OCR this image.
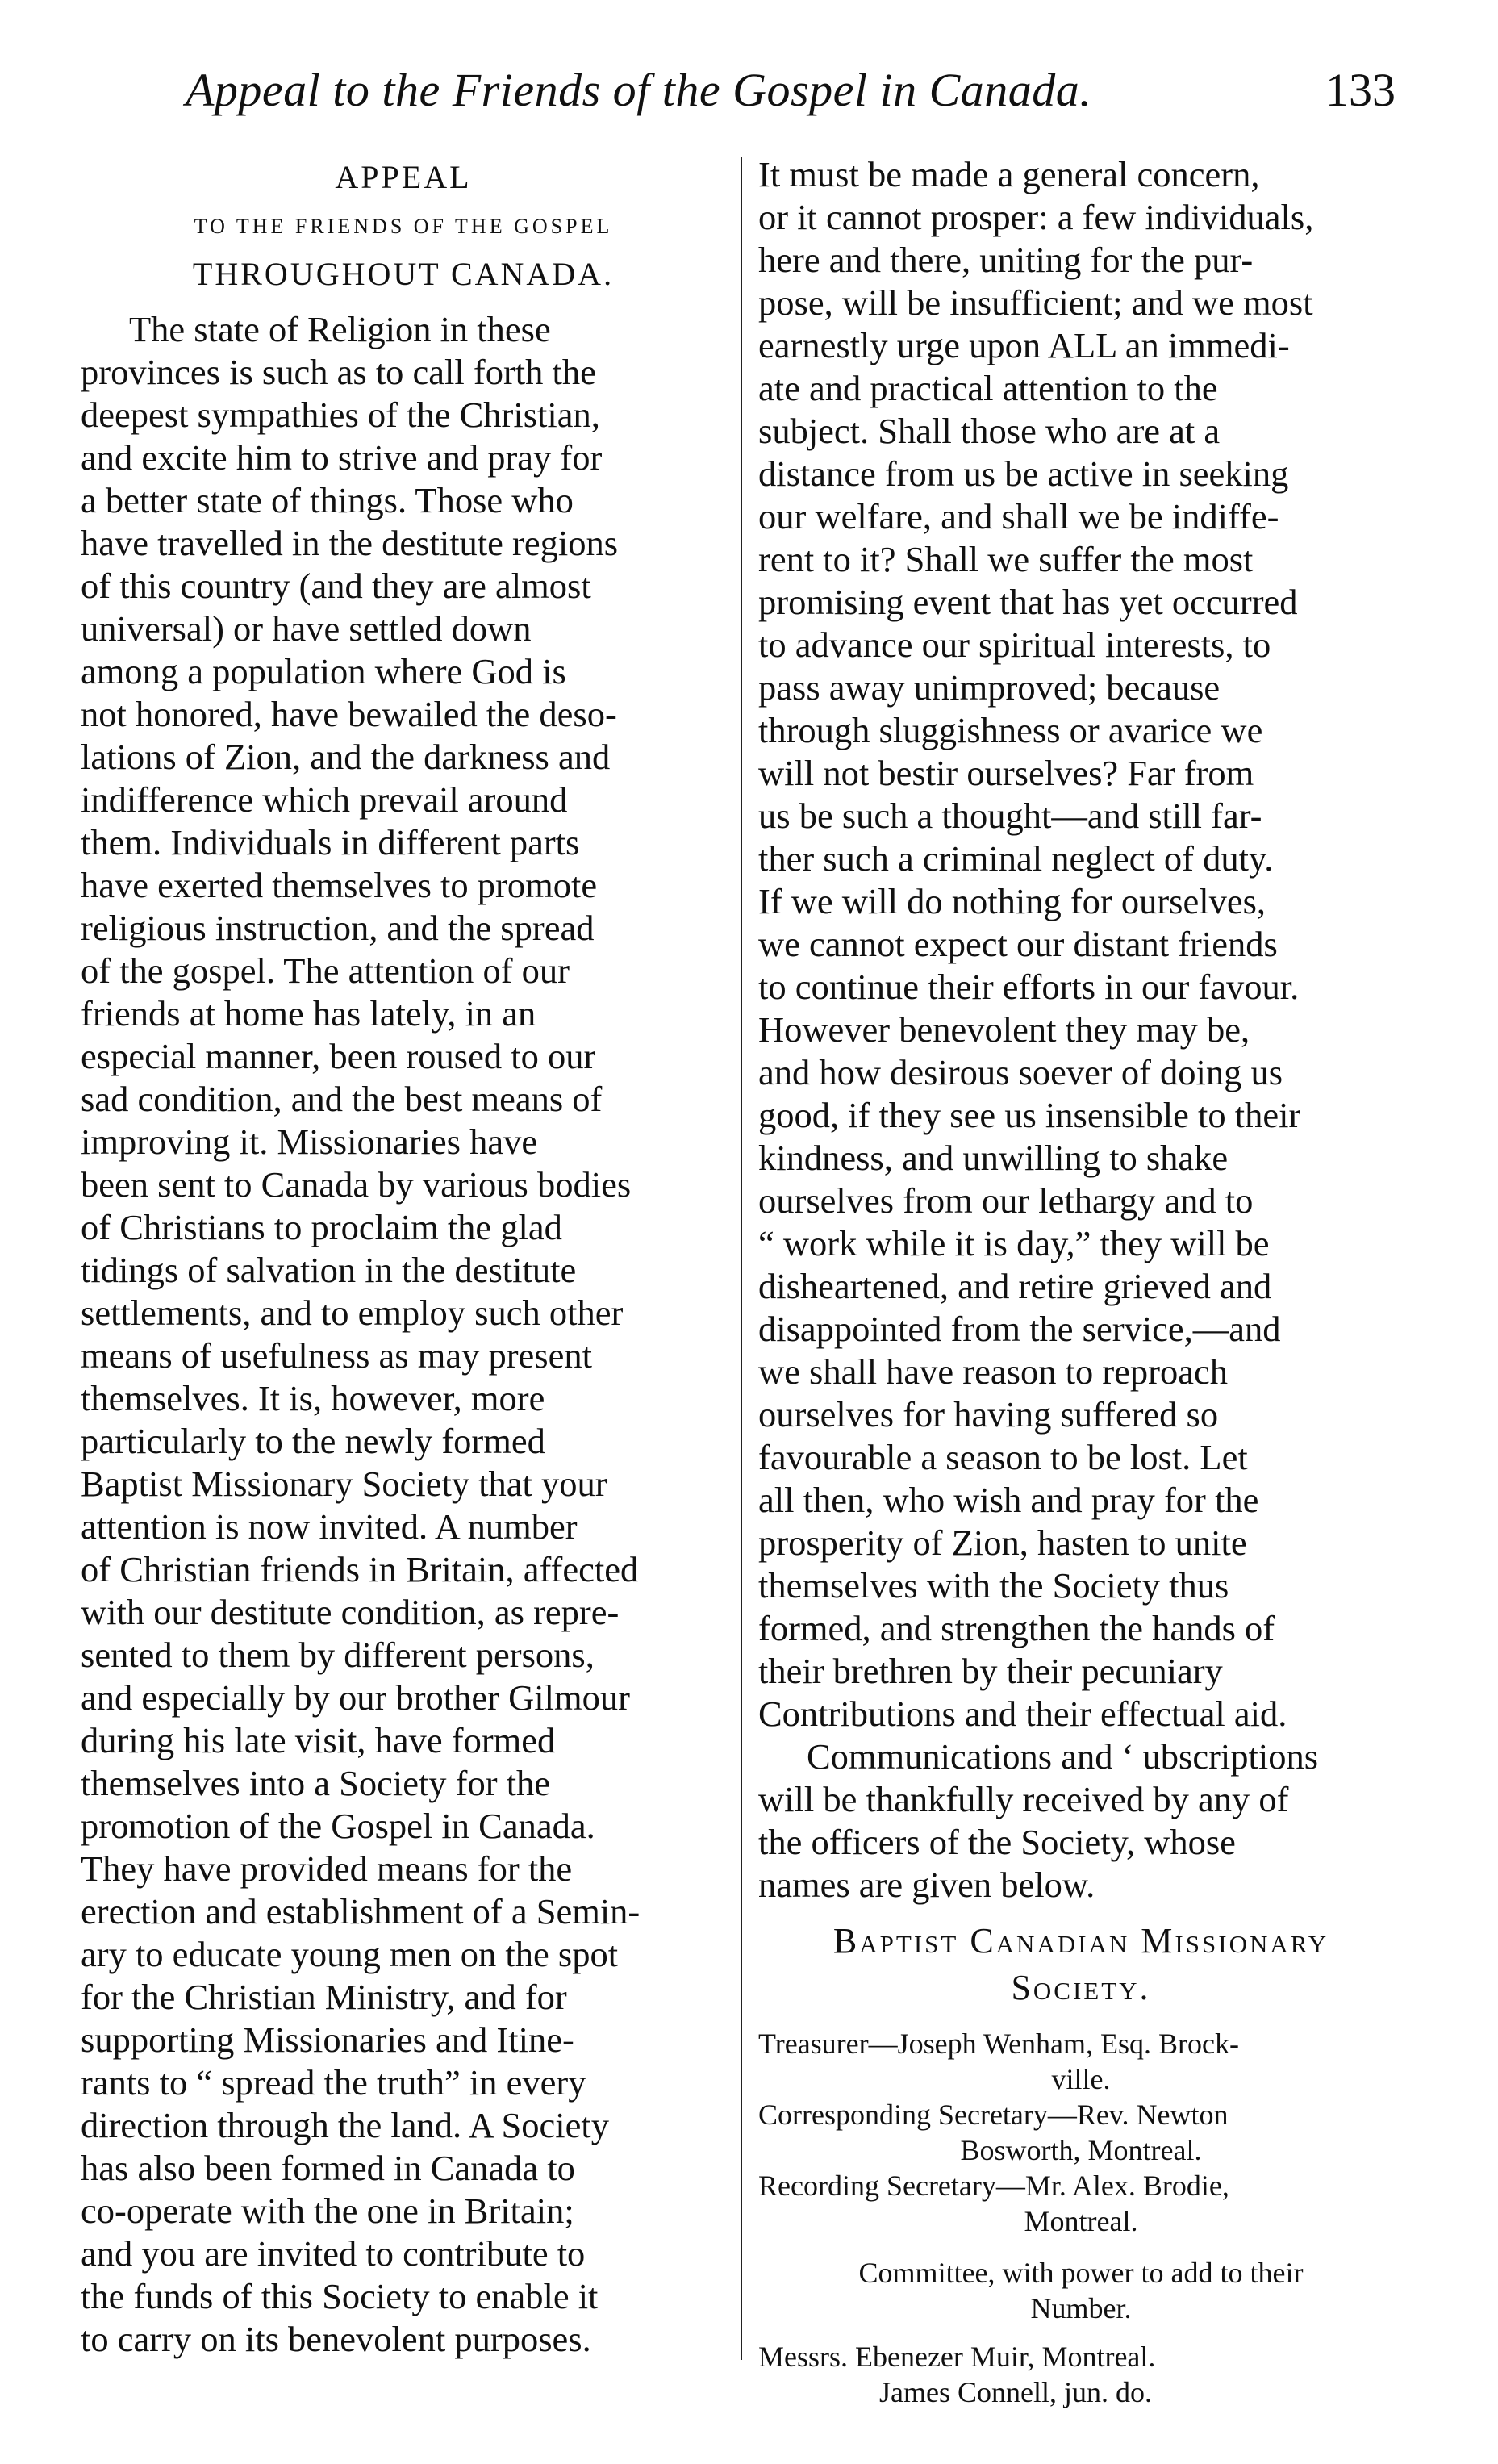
Appeal to the Friends of the Gospel in Canada.	133
APPEAL
TO THE FRIENDS OF THE GOSPEL
THROUGHOUT CANADA.
The state of Religion in these
provinces is such as to call forth the
deepest sympathies of the Christian,
and excite him to strive and pray for
a better state of things. Those who
have travelled in the destitute regions
of this country (and they are almost
universal) or have settled down
among a population where God is
not honored, have bewailed the deso-
lations of Zion, and the darkness and
indifference which prevail around
them. Individuals in different parts
have exerted themselves to promote
religious instruction, and the spread
of the gospel. The attention of our
friends at home has lately, in an
especial manner, been roused to our
sad condition, and the best means of
improving it. Missionaries have
been sent to Canada by various bodies
of Christians to proclaim the glad
tidings of salvation in the destitute
settlements, and to employ such other
means of usefulness as may present
themselves. It is, however, more
particularly to the newly formed
Baptist Missionary Society that your
attention is now invited. A number
of Christian friends in Britain, affected
with our destitute condition, as repre-
sented to them by different persons,
and especially by our brother Gilmour
during his late visit, have formed
themselves into a Society for the
promotion of the Gospel in Canada.
They have provided means for the
erection and establishment of a Semin-
ary to educate young men on the spot
for the Christian Ministry, and for
supporting Missionaries and Itine-
rants to “ spread the truth” in every
direction through the land. A Society
has also been formed in Canada to
co-operate with the one in Britain;
and you are invited to contribute to
the funds of this Society to enable it
to carry on its benevolent purposes.
It must be made a general concern,
or it cannot prosper: a few individuals,
here and there, uniting for the pur-
pose, will be insufficient; and we most
earnestly urge upon ALL an immedi-
ate and practical attention to the
subject. Shall those who are at a
distance from us be active in seeking
our welfare, and shall we be indiffe-
rent to it? Shall we suffer the most
promising event that has yet occurred
to advance our spiritual interests, to
pass away unimproved; because
through sluggishness or avarice we
will not bestir ourselves? Far from
us be such a thought—and still far-
ther such a criminal neglect of duty.
If we will do nothing for ourselves,
we cannot expect our distant friends
to continue their efforts in our favour.
However benevolent they may be,
and how desirous soever of doing us
good, if they see us insensible to their
kindness, and unwilling to shake
ourselves from our lethargy and to
“ work while it is day,” they will be
disheartened, and retire grieved and
disappointed from the service,—and
we shall have reason to reproach
ourselves for having suffered so
favourable a season to be lost. Let
all then, who wish and pray for the
prosperity of Zion, hasten to unite
themselves with the Society thus
formed, and strengthen the hands of
their brethren by their pecuniary
Contributions and their effectual aid.
Communications and ‘ ubscriptions
will be thankfully received by any of
the officers of the Society, whose
names are given below.
Baptist Canadian Missionary
Society.
Treasurer—Joseph Wenham, Esq. Brock-
ville.
Corresponding Secretary—Rev. Newton
Bosworth, Montreal.
Recording Secretary—Mr. Alex. Brodie,
Montreal.
Committee, with power to add to their
Number.
Messrs. Ebenezer Muir, Montreal.
James Connell, jun. do.
